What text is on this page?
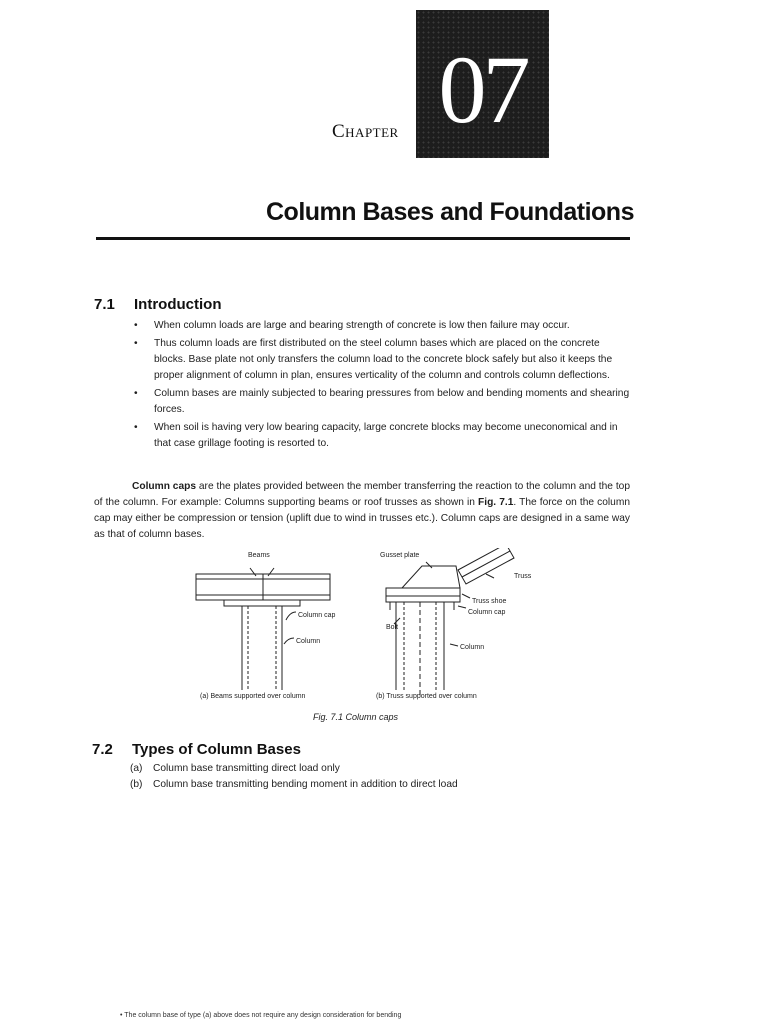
Chapter 07
Column Bases and Foundations
7.1 Introduction
• When column loads are large and bearing strength of concrete is low then failure may occur.
• Thus column loads are first distributed on the steel column bases which are placed on the concrete blocks. Base plate not only transfers the column load to the concrete block safely but also it keeps the proper alignment of column in plan, ensures verticality of the column and controls column deflections.
• Column bases are mainly subjected to bearing pressures from below and bending moments and shearing forces.
• When soil is having very low bearing capacity, large concrete blocks may become uneconomical and in that case grillage footing is resorted to.

Column caps are the plates provided between the member transferring the reaction to the column and the top of the column. For example: Columns supporting beams or roof trusses as shown in Fig. 7.1. The force on the column cap may either be compression or tension (uplift due to wind in trusses etc.). Column caps are designed in a same way as that of column bases.

Beams
Column cap
Column
Gusset plate
Truss
Truss shoe
Column cap
Bolt
Column
(a) Beams supported over column	(b) Truss supported over column
Fig. 7.1 Column caps
7.2 Types of Column Bases
(a) Column base transmitting direct load only
(b) Column base transmitting bending moment in addition to direct load
• The column base of type (a) above does not require any design consideration for bending
